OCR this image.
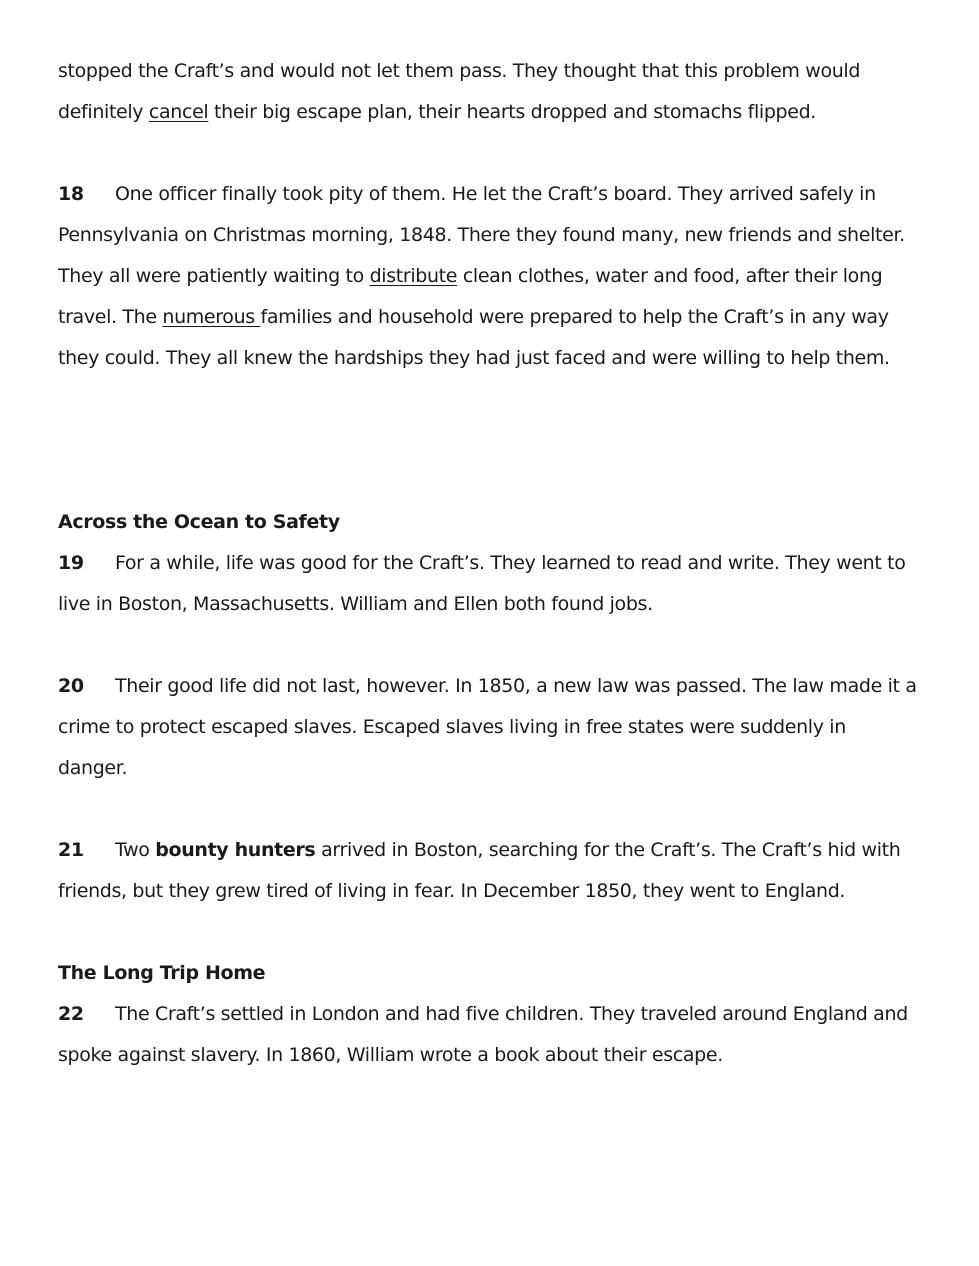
stopped the Craft’s and would not let them pass. They thought that this problem would
definitely cancel their big escape plan, their hearts dropped and stomachs flipped.
18 One officer finally took pity of them. He let the Craft’s board. They arrived safely in
Pennsylvania on Christmas morning, 1848. There they found many, new friends and shelter.
They all were patiently waiting to distribute clean clothes, water and food, after their long
travel. The numerous families and household were prepared to help the Craft’s in any way
they could. They all knew the hardships they had just faced and were willing to help them.
Across the Ocean to Safety
19 For a while, life was good for the Craft’s. They learned to read and write. They went to
live in Boston, Massachusetts. William and Ellen both found jobs.
20 Their good life did not last, however. In 1850, a new law was passed. The law made it a
crime to protect escaped slaves. Escaped slaves living in free states were suddenly in
danger.
21 Two bounty hunters arrived in Boston, searching for the Craft’s. The Craft’s hid with
friends, but they grew tired of living in fear. In December 1850, they went to England.
The Long Trip Home
22 The Craft’s settled in London and had five children. They traveled around England and
spoke against slavery. In 1860, William wrote a book about their escape.
